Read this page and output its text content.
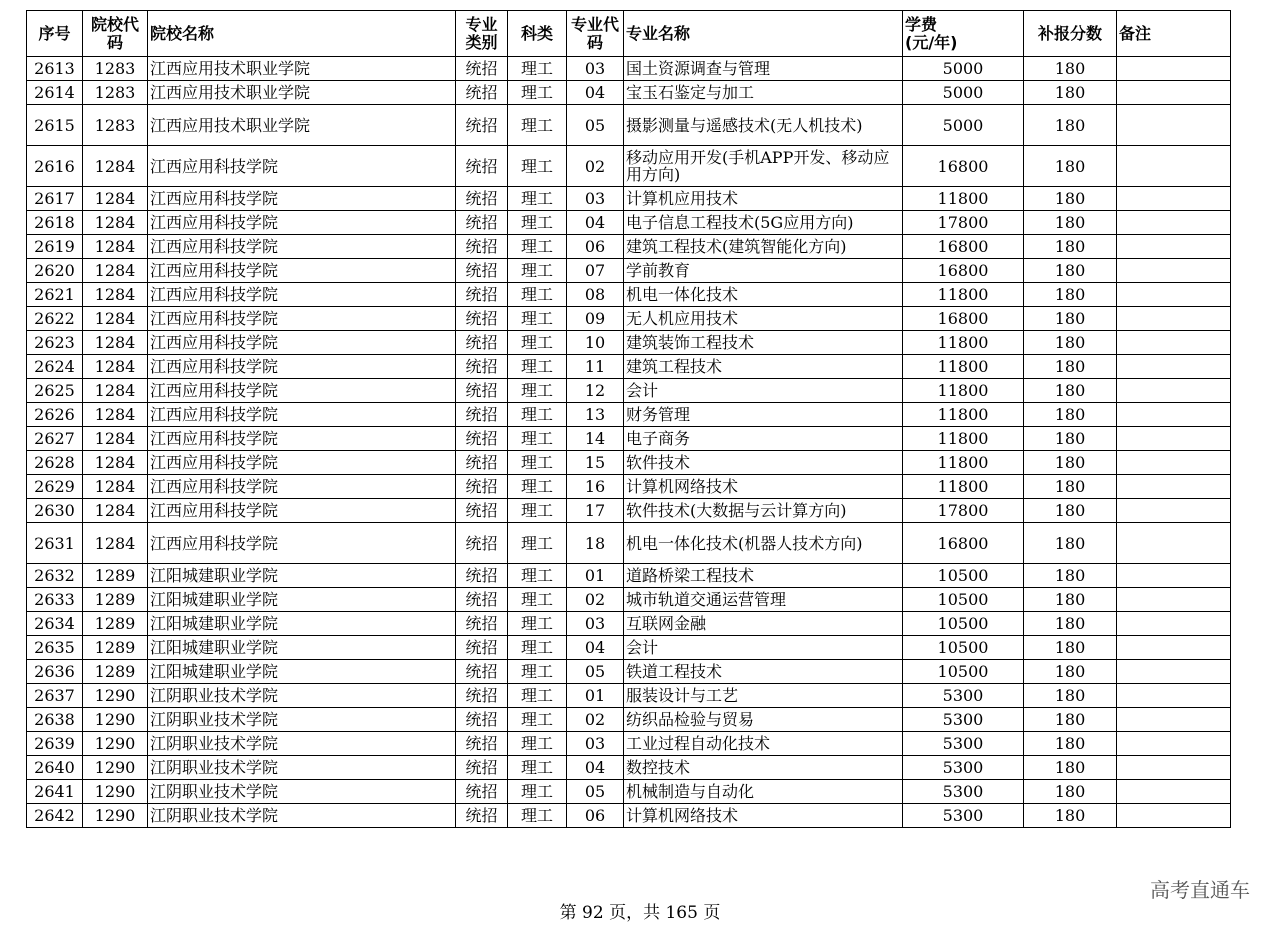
序号	院校代码	院校名称	专业类别	科类	专业代码	专业名称	学费　　　　(元/年)	补报分数	备注
2613	1283	江西应用技术职业学院	统招	理工	03	国土资源调查与管理	5000	180	
2614	1283	江西应用技术职业学院	统招	理工	04	宝玉石鉴定与加工	5000	180	
2615	1283	江西应用技术职业学院	统招	理工	05	摄影测量与遥感技术(无人机技术)	5000	180	
2616	1284	江西应用科技学院	统招	理工	02	移动应用开发(手机APP开发、移动应用方向)	16800	180	
2617	1284	江西应用科技学院	统招	理工	03	计算机应用技术	11800	180	
2618	1284	江西应用科技学院	统招	理工	04	电子信息工程技术(5G应用方向)	17800	180	
2619	1284	江西应用科技学院	统招	理工	06	建筑工程技术(建筑智能化方向)	16800	180	
2620	1284	江西应用科技学院	统招	理工	07	学前教育	16800	180	
2621	1284	江西应用科技学院	统招	理工	08	机电一体化技术	11800	180	
2622	1284	江西应用科技学院	统招	理工	09	无人机应用技术	16800	180	
2623	1284	江西应用科技学院	统招	理工	10	建筑装饰工程技术	11800	180	
2624	1284	江西应用科技学院	统招	理工	11	建筑工程技术	11800	180	
2625	1284	江西应用科技学院	统招	理工	12	会计	11800	180	
2626	1284	江西应用科技学院	统招	理工	13	财务管理	11800	180	
2627	1284	江西应用科技学院	统招	理工	14	电子商务	11800	180	
2628	1284	江西应用科技学院	统招	理工	15	软件技术	11800	180	
2629	1284	江西应用科技学院	统招	理工	16	计算机网络技术	11800	180	
2630	1284	江西应用科技学院	统招	理工	17	软件技术(大数据与云计算方向)	17800	180	
2631	1284	江西应用科技学院	统招	理工	18	机电一体化技术(机器人技术方向)	16800	180	
2632	1289	江阳城建职业学院	统招	理工	01	道路桥梁工程技术	10500	180	
2633	1289	江阳城建职业学院	统招	理工	02	城市轨道交通运营管理	10500	180	
2634	1289	江阳城建职业学院	统招	理工	03	互联网金融	10500	180	
2635	1289	江阳城建职业学院	统招	理工	04	会计	10500	180	
2636	1289	江阳城建职业学院	统招	理工	05	铁道工程技术	10500	180	
2637	1290	江阴职业技术学院	统招	理工	01	服装设计与工艺	5300	180	
2638	1290	江阴职业技术学院	统招	理工	02	纺织品检验与贸易	5300	180	
2639	1290	江阴职业技术学院	统招	理工	03	工业过程自动化技术	5300	180	
2640	1290	江阴职业技术学院	统招	理工	04	数控技术	5300	180	
2641	1290	江阴职业技术学院	统招	理工	05	机械制造与自动化	5300	180	
2642	1290	江阴职业技术学院	统招	理工	06	计算机网络技术	5300	180	
第 92 页，共 165 页
高考直通车
